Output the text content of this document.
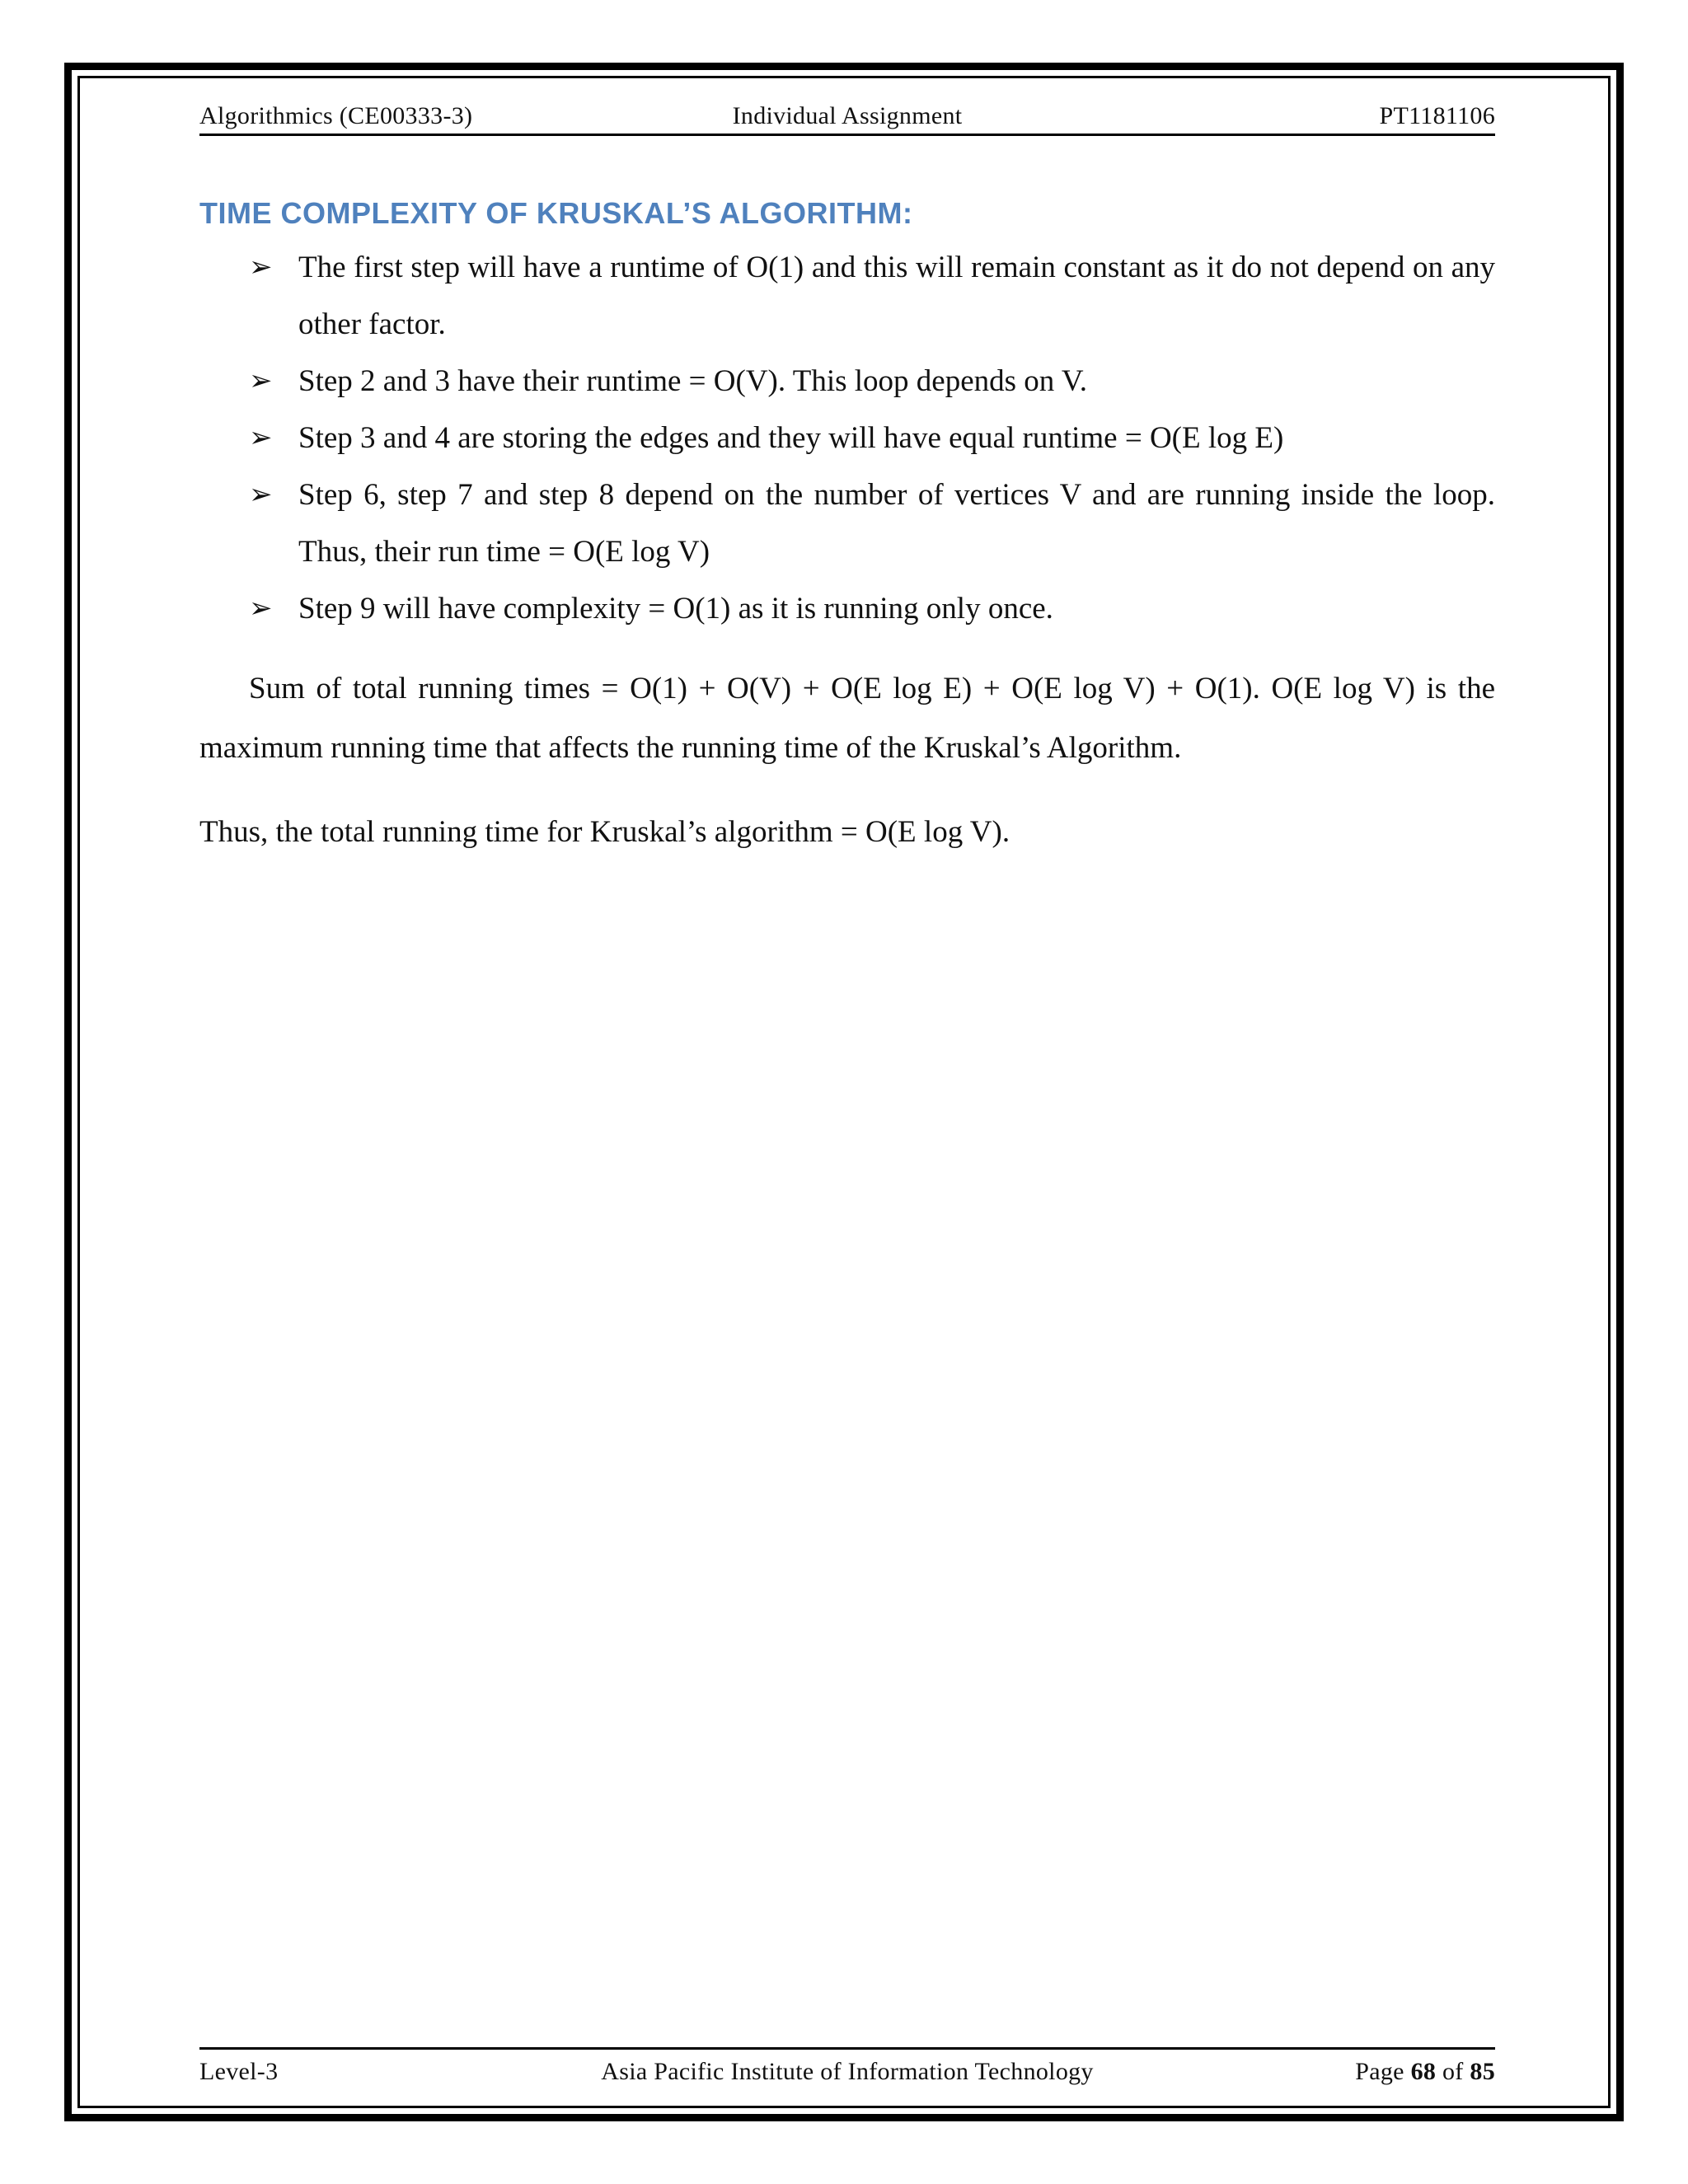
Algorithmics (CE00333-3)	Individual Assignment	PT1181106
TIME COMPLEXITY OF KRUSKAL’S ALGORITHM:
➢ The first step will have a runtime of O(1) and this will remain constant as it do not depend on any other factor.
➢ Step 2 and 3 have their runtime = O(V). This loop depends on V.
➢ Step 3 and 4 are storing the edges and they will have equal runtime = O(E log E)
➢ Step 6, step 7 and step 8 depend on the number of vertices V and are running inside the loop. Thus, their run time = O(E log V)
➢ Step 9 will have complexity = O(1) as it is running only once.

Sum of total running times = O(1) + O(V) + O(E log E) + O(E log V) + O(1). O(E log V) is the maximum running time that affects the running time of the Kruskal’s Algorithm.

Thus, the total running time for Kruskal’s algorithm = O(E log V).

Level-3	Asia Pacific Institute of Information Technology	Page 68 of 85
